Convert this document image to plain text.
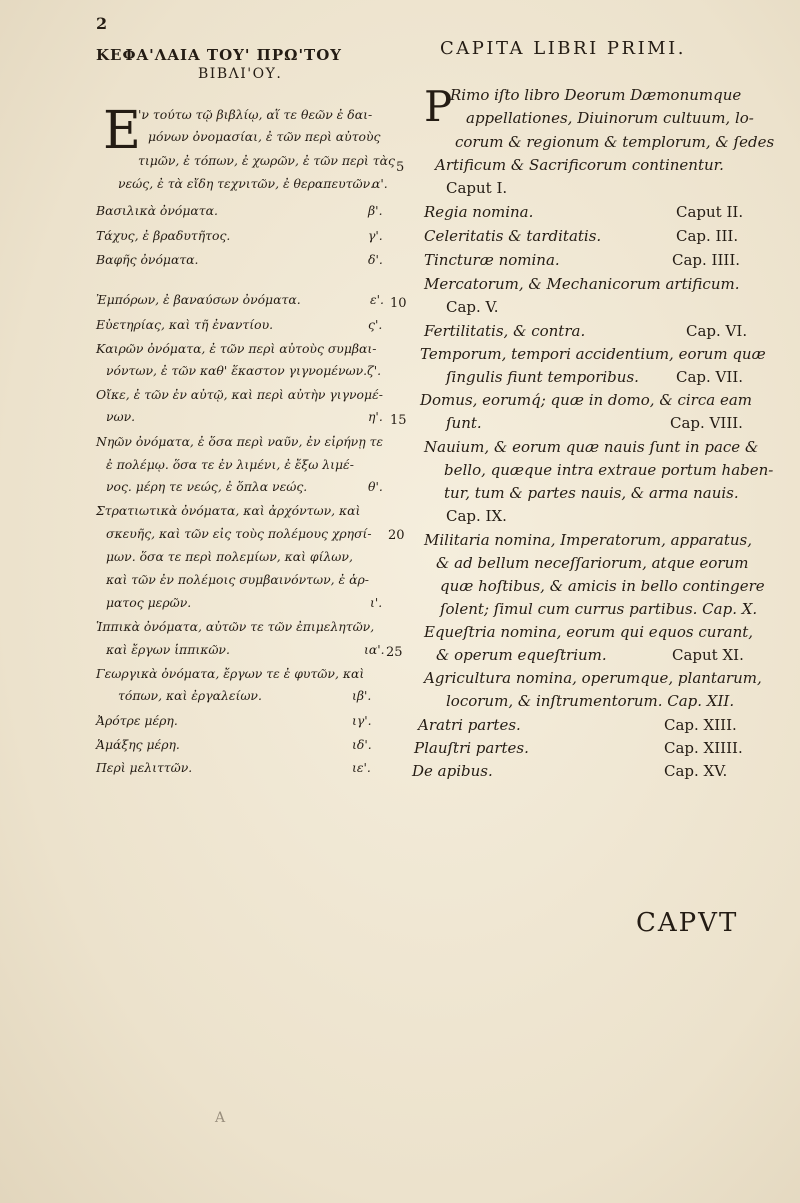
2
ΚΕΦΑ'ΛΑΙΑ ΤΟΥ' ΠΡΩ'ΤΟΥ
ΒΙΒΛΙ'ΟΥ.
CAPITA LIBRI PRIMI.
Ε	P
'ν τούτω τῷ βιβλίῳ, αἵ τε θεῶν ἐ δαι-
μόνων ὀνομασίαι, ἐ τῶν περὶ αὐτοὺς
τιμῶν, ἐ τόπων, ἐ χωρῶν, ἐ τῶν περὶ τὰς
νεώς, ἐ τὰ εἴδη τεχνιτῶν, ἐ θεραπευτῶν.
α'.
Βασιλικὰ ὀνόματα.	β'.
Τάχυς, ἐ βραδυτῆτος.	γ'.
Βαφῆς ὀνόματα.	δ'.
Ἐμπόρων, ἐ βαναύσων ὀνόματα.	ε'.
Εὐετηρίας, καὶ τῆ ἐναντίου.	ς'.
Καιρῶν ὀνόματα, ἐ τῶν περὶ αὐτοὺς συμβαι-
νόντων, ἐ τῶν καθ' ἕκαστον γιγνομένων. ζ'.
Οἴκε, ἐ τῶν ἐν αὐτῷ, καὶ περὶ αὐτὴν γιγνομέ-
νων.	η'.
Νηῶν ὀνόματα, ἐ ὅσα περὶ ναῦν, ἐν εἰρήνῃ τε
ἐ πολέμῳ. ὅσα τε ἐν λιμένι, ἐ ἔξω λιμέ-
νος. μέρη τε νεώς, ἐ ὅπλα νεώς.	θ'.
Στρατιωτικὰ ὀνόματα, καὶ ἀρχόντων, καὶ
σκευῆς, καὶ τῶν εἰς τοὺς πολέμους χρησί-
μων. ὅσα τε περὶ πολεμίων, καὶ φίλων,
καὶ τῶν ἐν πολέμοις συμβαινόντων, ἐ ἁρ-
ματος μερῶν.	ι'.
Ἱππικὰ ὀνόματα, αὐτῶν τε τῶν ἐπιμελητῶν,
καὶ ἔργων ἱππικῶν.	ια'.
Γεωργικὰ ὀνόματα, ἔργων τε ἐ φυτῶν, καὶ
τόπων, καὶ ἐργαλείων.	ιβ'.
Ἀρότρε μέρη.	ιγ'.
Ἁμάξης μέρη.	ιδ'.
Περὶ μελιττῶν.	ιε'.
5
10
15
20
25
Rimo iſto libro Deorum Dæmonumque
appellationes, Diuinorum cultuum, lo-
corum & regionum & templorum, & ſedes
Artificum & Sacrificorum continentur.
Caput I.
Regia nomina.	Caput II.
Celeritatis & tarditatis.	Cap. III.
Tincturæ nomina.	Cap. IIII.
Mercatorum, & Mechanicorum artificum.
Cap. V.
Fertilitatis, & contra.	Cap. VI.
Temporum, tempori accidentium, eorum quæ
ſingulis fiunt temporibus. Cap. VII.
Domus, eorumq́; quæ in domo, & circa eam
ſunt.	Cap. VIII.
Nauium, & eorum quæ nauis ſunt in pace &
bello, quæque intra extraue portum haben-
tur, tum & partes nauis, & arma nauis.
Cap. IX.
Militaria nomina, Imperatorum, apparatus,
& ad bellum neceſſariorum, atque eorum
quæ hoſtibus, & amicis in bello contingere
ſolent; ſimul cum currus partibus. Cap. X.
Equeſtria nomina, eorum qui equos curant,
& operum equeſtrium.	Caput XI.
Agricultura nomina, operumque, plantarum,
locorum, & inſtrumentorum. Cap. XII.
Aratri partes.	Cap. XIII.
Plauſtri partes.	Cap. XIIII.
De apibus.	Cap. XV.
CAPVT
A
